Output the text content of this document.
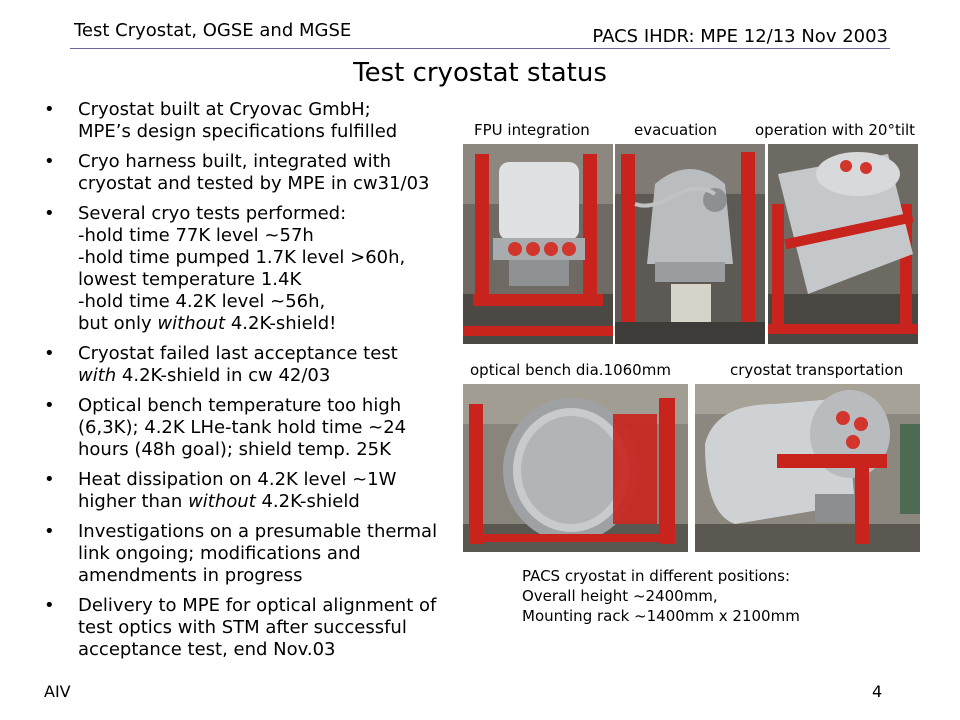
Test Cryostat, OGSE and MGSE	PACS IHDR: MPE 12/13 Nov 2003
Test cryostat status
• Cryostat built at Cryovac GmbH;
MPE’s design specifications fulfilled
• Cryo harness built, integrated with
cryostat and tested by MPE in cw31/03
• Several cryo tests performed:
-hold time 77K level ~57h
-hold time pumped 1.7K level >60h,
lowest temperature 1.4K
-hold time 4.2K level ~56h,
but only without 4.2K-shield!
• Cryostat failed last acceptance test
with 4.2K-shield in cw 42/03
• Optical bench temperature too high
(6,3K); 4.2K LHe-tank hold time ~24
hours (48h goal); shield temp. 25K
• Heat dissipation on 4.2K level ~1W
higher than without 4.2K-shield
• Investigations on a presumable thermal
link ongoing; modifications and
amendments in progress
• Delivery to MPE for optical alignment of
test optics with STM after successful
acceptance test, end Nov.03
FPU integration	evacuation	operation with 20°tilt
optical bench dia.1060mm	cryostat transportation
PACS cryostat in different positions:
Overall height ~2400mm,
Mounting rack ~1400mm x 2100mm
AIV	4
